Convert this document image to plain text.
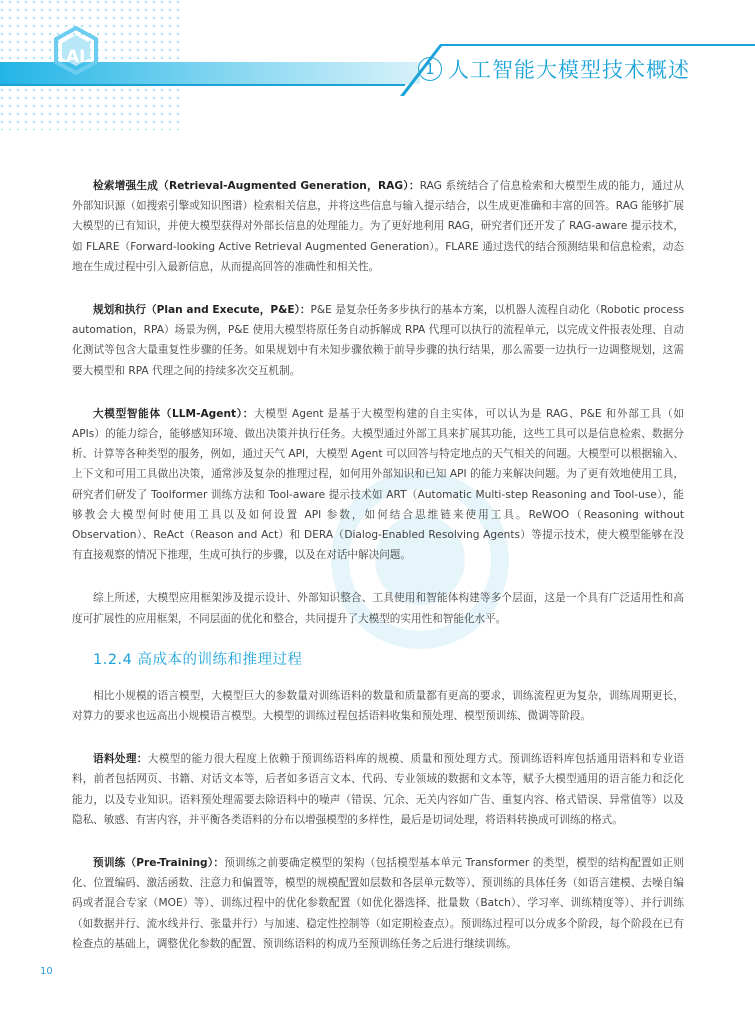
AI
1 人工智能大模型技术概述

检索增强生成（Retrieval-Augmented Generation，RAG）：RAG 系统结合了信息检索和大模型生成的能力，通过从外部知识源（如搜索引擎或知识图谱）检索相关信息，并将这些信息与输入提示结合，以生成更准确和丰富的回答。RAG 能够扩展大模型的已有知识，并使大模型获得对外部长信息的处理能力。为了更好地利用 RAG，研究者们还开发了 RAG-aware 提示技术，如 FLARE（Forward-looking Active Retrieval Augmented Generation）。FLARE 通过迭代的结合预测结果和信息检索，动态地在生成过程中引入最新信息，从而提高回答的准确性和相关性。

规划和执行（Plan and Execute，P&E）：P&E 是复杂任务多步执行的基本方案，以机器人流程自动化（Robotic process automation，RPA）场景为例，P&E 使用大模型将原任务自动拆解成 RPA 代理可以执行的流程单元，以完成文件报表处理、自动化测试等包含大量重复性步骤的任务。如果规划中有未知步骤依赖于前导步骤的执行结果，那么需要一边执行一边调整规划，这需要大模型和 RPA 代理之间的持续多次交互机制。

大模型智能体（LLM-Agent）：大模型 Agent 是基于大模型构建的自主实体，可以认为是 RAG、P&E 和外部工具（如 APIs）的能力综合，能够感知环境、做出决策并执行任务。大模型通过外部工具来扩展其功能，这些工具可以是信息检索、数据分析、计算等各种类型的服务，例如，通过天气 API，大模型 Agent 可以回答与特定地点的天气相关的问题。大模型可以根据输入、上下文和可用工具做出决策，通常涉及复杂的推理过程，如何用外部知识和已知 API 的能力来解决问题。为了更有效地使用工具，研究者们研发了 Toolformer 训练方法和 Tool-aware 提示技术如 ART（Automatic Multi-step Reasoning and Tool-use），能够教会大模型何时使用工具以及如何设置 API 参数，如何结合思维链来使用工具。ReWOO（Reasoning without Observation）、ReAct（Reason and Act）和 DERA（Dialog-Enabled Resolving Agents）等提示技术，使大模型能够在没有直接观察的情况下推理，生成可执行的步骤，以及在对话中解决问题。

综上所述，大模型应用框架涉及提示设计、外部知识整合、工具使用和智能体构建等多个层面，这是一个具有广泛适用性和高度可扩展性的应用框架，不同层面的优化和整合，共同提升了大模型的实用性和智能化水平。

1.2.4 高成本的训练和推理过程

相比小规模的语言模型，大模型巨大的参数量对训练语料的数量和质量都有更高的要求，训练流程更为复杂，训练周期更长，对算力的要求也远高出小规模语言模型。大模型的训练过程包括语料收集和预处理、模型预训练、微调等阶段。

语料处理：大模型的能力很大程度上依赖于预训练语料库的规模、质量和预处理方式。预训练语料库包括通用语料和专业语料，前者包括网页、书籍、对话文本等，后者如多语言文本、代码、专业领域的数据和文本等，赋予大模型通用的语言能力和泛化能力，以及专业知识。语料预处理需要去除语料中的噪声（错误、冗余、无关内容如广告、重复内容、格式错误、异常值等）以及隐私、敏感、有害内容，并平衡各类语料的分布以增强模型的多样性，最后是切词处理，将语料转换成可训练的格式。

预训练（Pre-Training）：预训练之前要确定模型的架构（包括模型基本单元 Transformer 的类型，模型的结构配置如正则化、位置编码、激活函数、注意力和偏置等，模型的规模配置如层数和各层单元数等）、预训练的具体任务（如语言建模、去噪自编码或者混合专家（MOE）等）、训练过程中的优化参数配置（如优化器选择、批量数（Batch）、学习率、训练精度等）、并行训练（如数据并行、流水线并行、张量并行）与加速、稳定性控制等（如定期检查点）。预训练过程可以分成多个阶段，每个阶段在已有检查点的基础上，调整优化参数的配置、预训练语料的构成乃至预训练任务之后进行继续训练。

10
